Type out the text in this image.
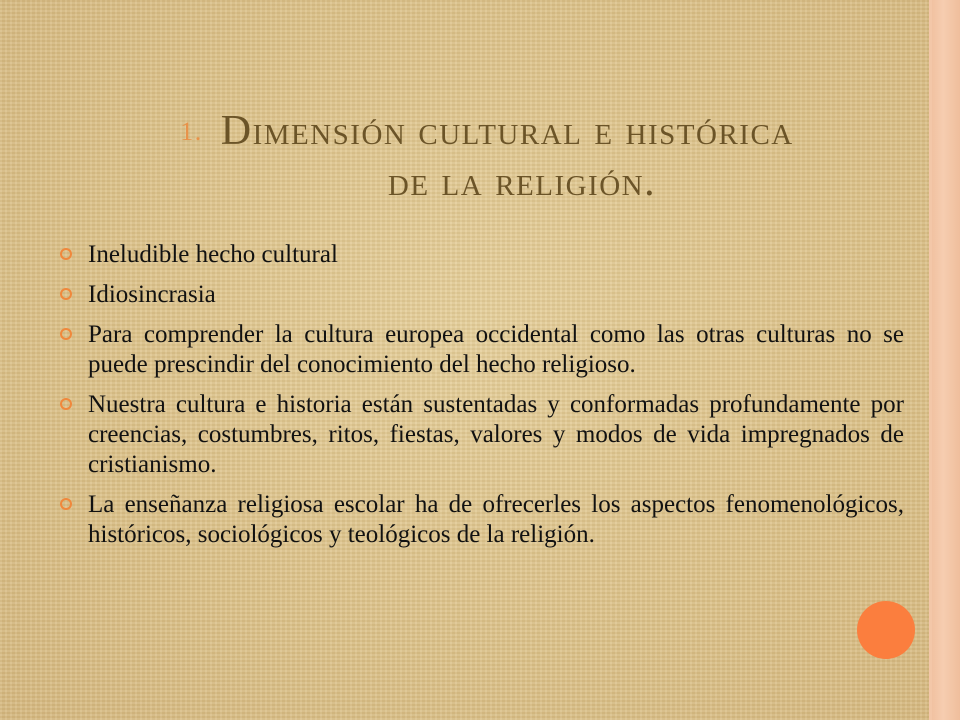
1. Dimensión cultural e histórica
de la religión.
Ineludible hecho cultural
Idiosincrasia
Para comprender la cultura europea occidental como las otras culturas no se puede prescindir del conocimiento del hecho religioso.
Nuestra cultura e historia están sustentadas y conformadas profundamente por creencias, costumbres, ritos, fiestas, valores y modos de vida impregnados de cristianismo.
La enseñanza religiosa escolar ha de ofrecerles los aspectos fenomenológicos, históricos, sociológicos y teológicos de la religión.
